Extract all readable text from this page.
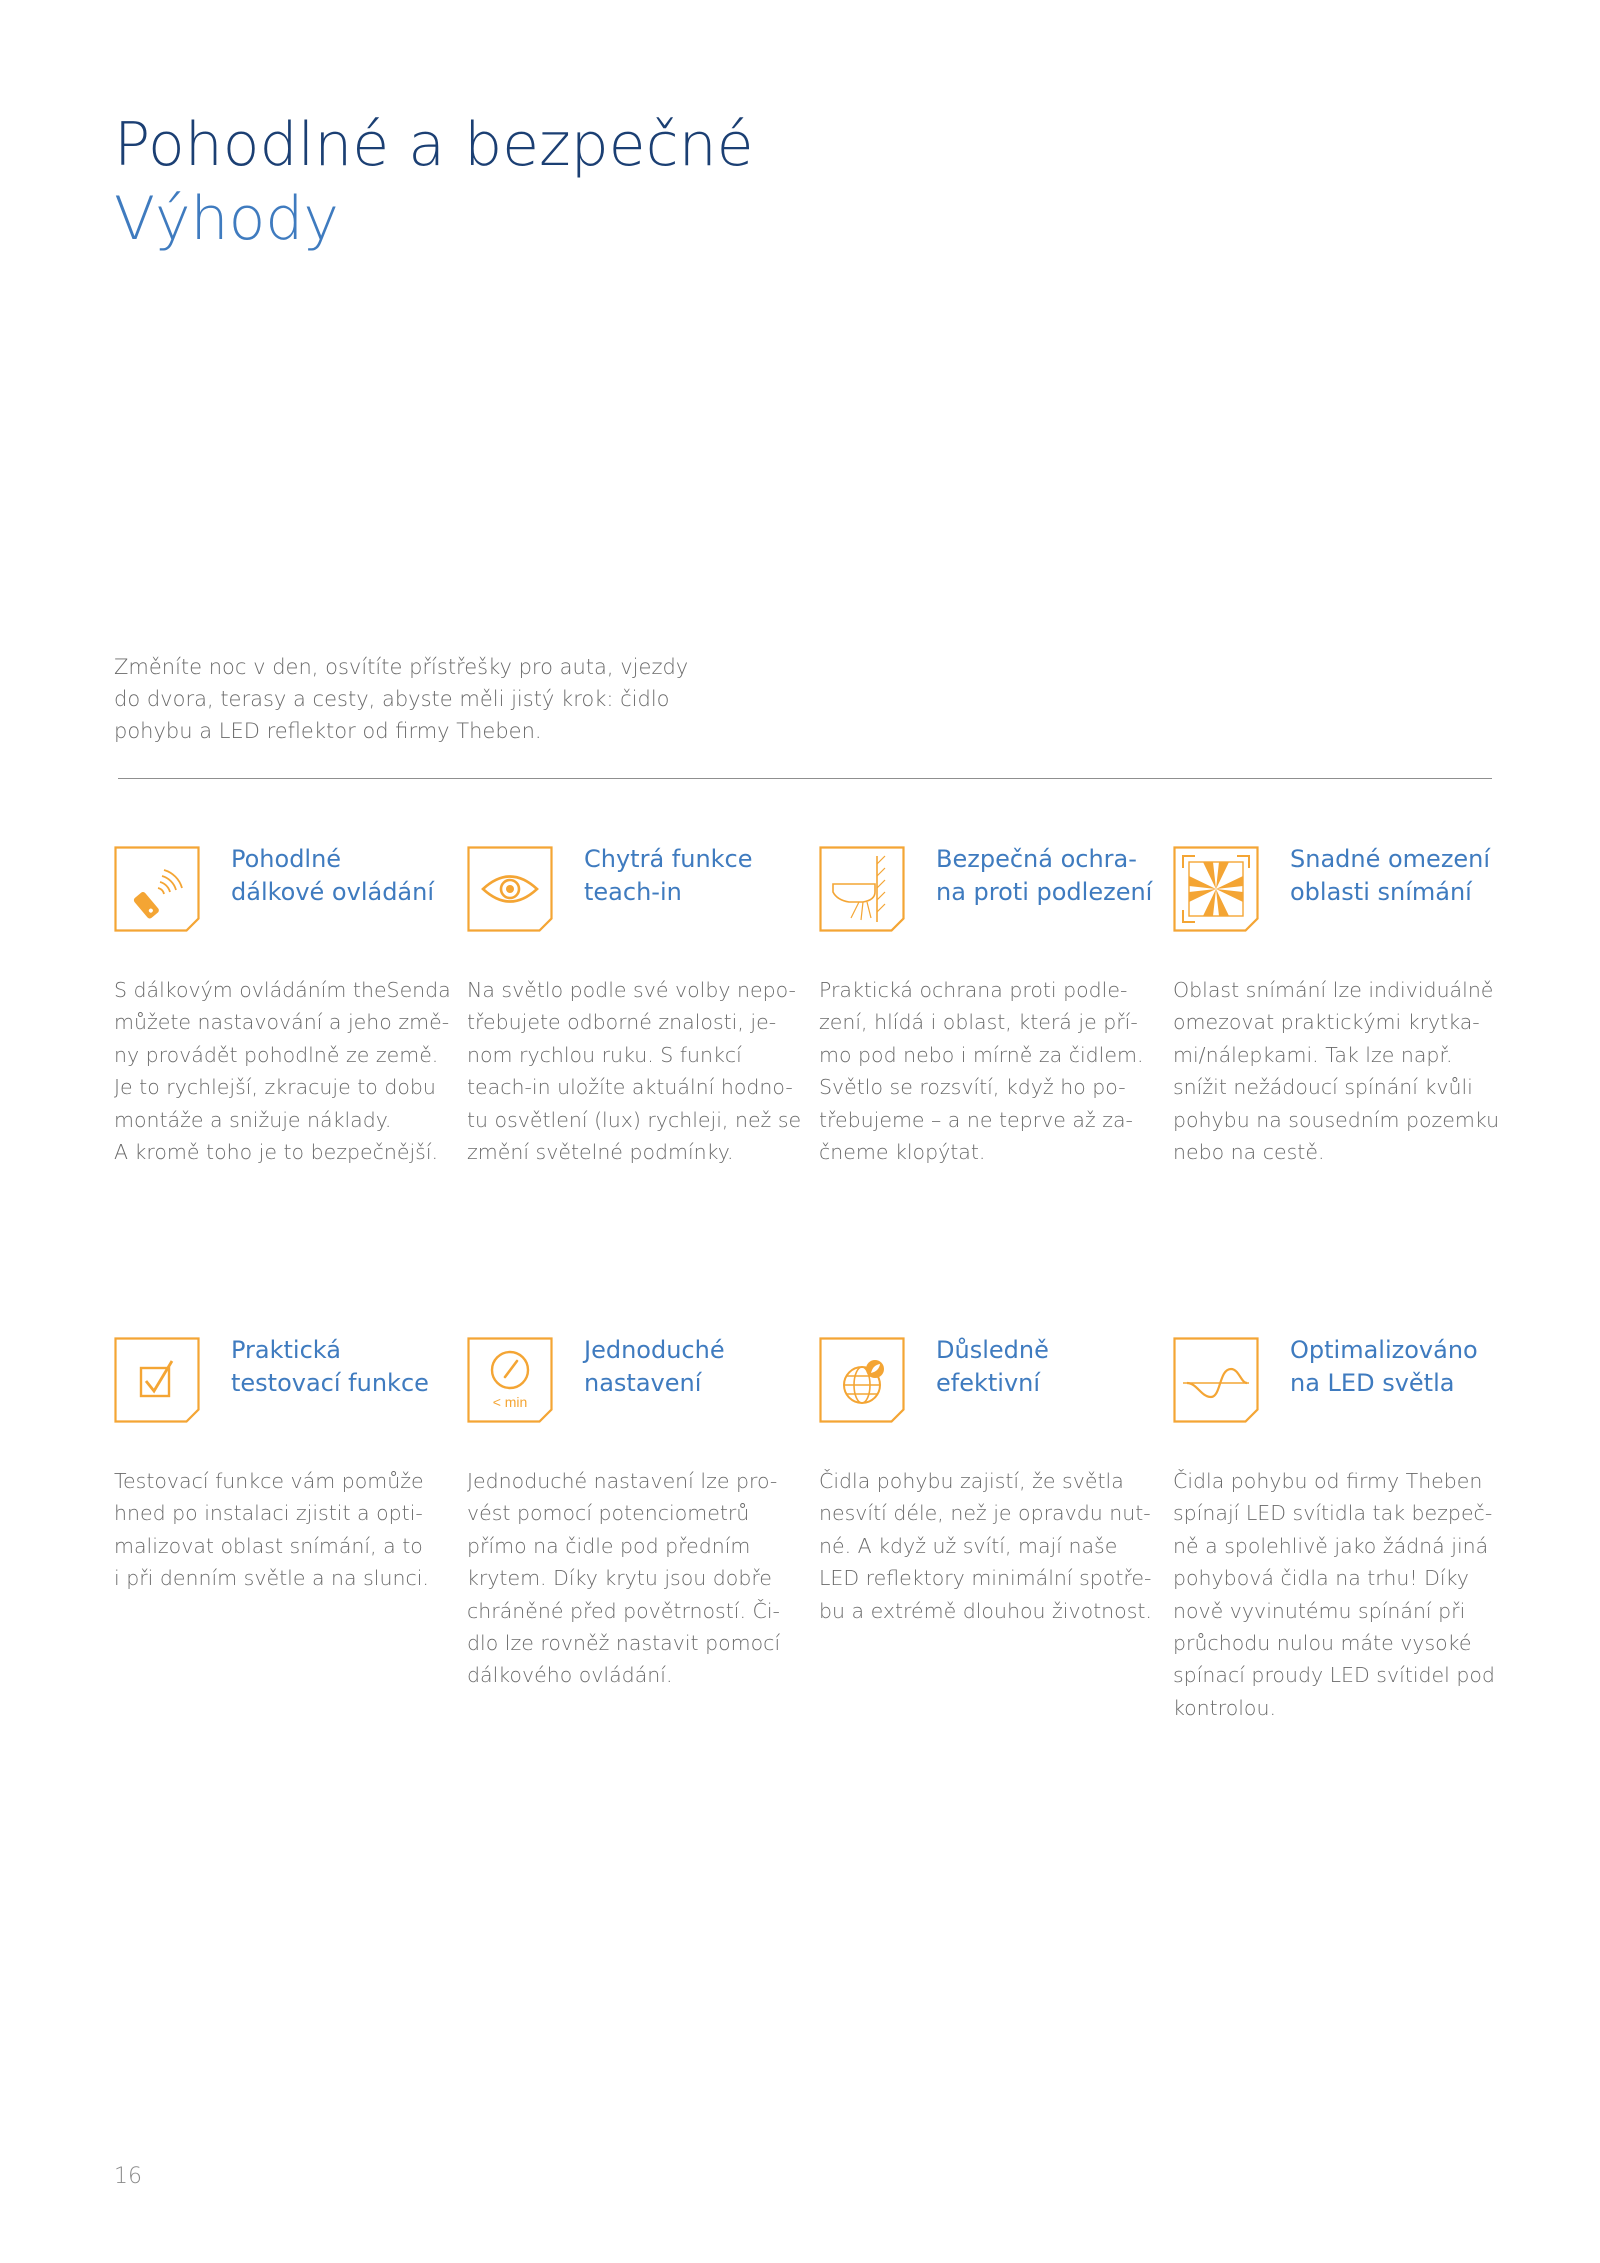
Pohodlné a bezpečné
Výhody

Změníte noc v den, osvítíte přístřešky pro auta, vjezdy do dvora, terasy a cesty, abyste měli jistý krok: čidlo pohybu a LED reflektor od firmy Theben.

Pohodlné
dálkové ovládání
S dálkovým ovládáním theSenda
můžete nastavování a jeho změ-
ny provádět pohodlně ze země.
Je to rychlejší, zkracuje to dobu
montáže a snižuje náklady.
A kromě toho je to bezpečnější.
Chytrá funkce
teach-in
Na světlo podle své volby nepo-
třebujete odborné znalosti, je-
nom rychlou ruku. S funkcí
teach-in uložíte aktuální hodno-
tu osvětlení (lux) rychleji, než se
změní světelné podmínky.
Bezpečná ochra-
na proti podlezení
Praktická ochrana proti podle-
zení, hlídá i oblast, která je pří-
mo pod nebo i mírně za čidlem.
Světlo se rozsvítí, když ho po-
třebujeme – a ne teprve až za-
čneme klopýtat.
Snadné omezení
oblasti snímání
Oblast snímání lze individuálně
omezovat praktickými krytka-
mi/nálepkami. Tak lze např.
snížit nežádoucí spínání kvůli
pohybu na sousedním pozemku
nebo na cestě.
Praktická
testovací funkce
Testovací funkce vám pomůže
hned po instalaci zjistit a opti-
malizovat oblast snímání, a to
i při denním světle a na slunci.
< min
Jednoduché
nastavení
Jednoduché nastavení lze pro-
vést pomocí potenciometrů
přímo na čidle pod předním
krytem. Díky krytu jsou dobře
chráněné před povětrností. Či-
dlo lze rovněž nastavit pomocí
dálkového ovládání.
Důsledně
efektivní
Čidla pohybu zajistí, že světla
nesvítí déle, než je opravdu nut-
né. A když už svítí, mají naše
LED reflektory minimální spotře-
bu a extrémě dlouhou životnost.
Optimalizováno
na LED světla
Čidla pohybu od firmy Theben
spínají LED svítidla tak bezpeč-
ně a spolehlivě jako žádná jiná
pohybová čidla na trhu! Díky
nově vyvinutému spínání při
průchodu nulou máte vysoké
spínací proudy LED svítidel pod
kontrolou.
16
